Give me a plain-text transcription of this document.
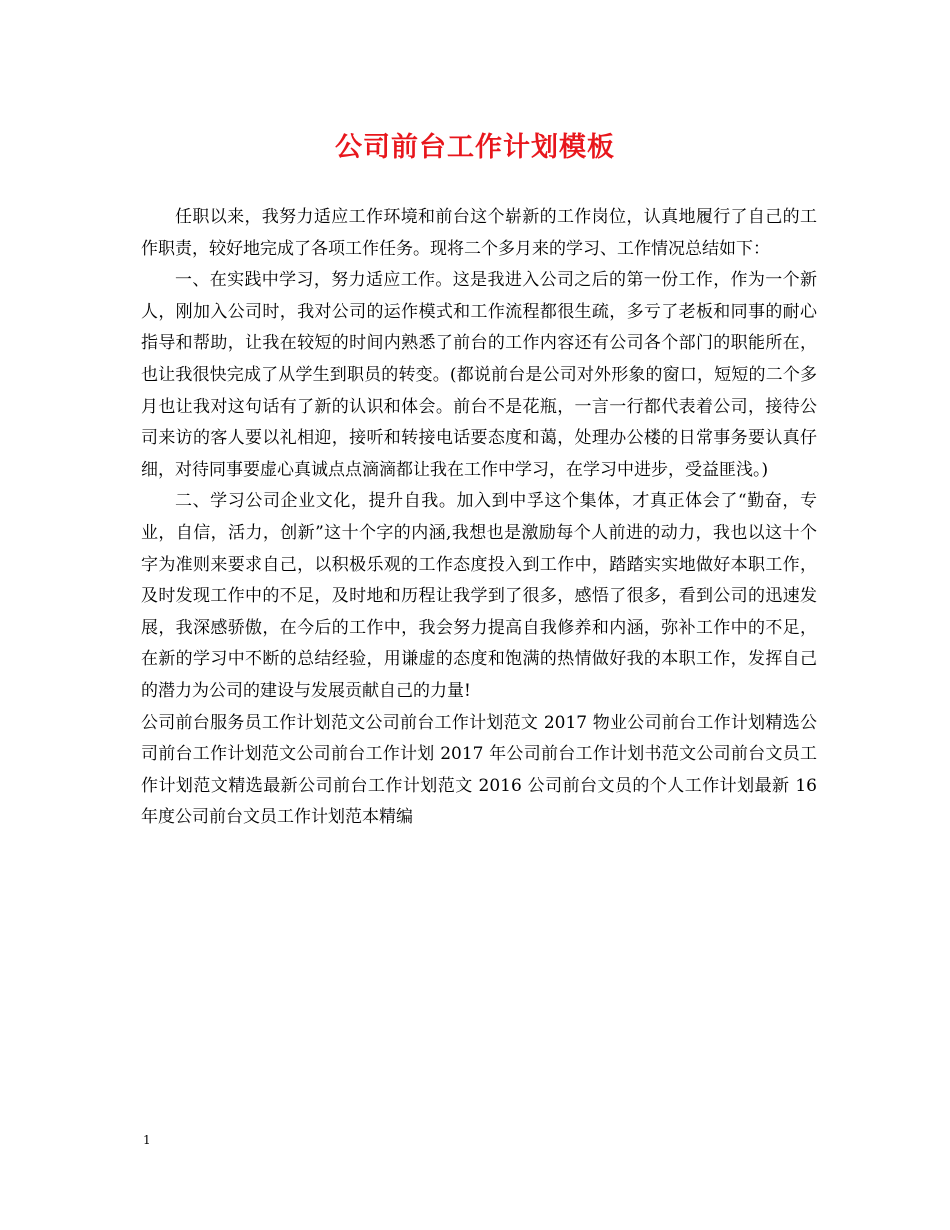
公司前台工作计划模板

任职以来，我努力适应工作环境和前台这个崭新的工作岗位，认真地履行了自己的工作职责，较好地完成了各项工作任务。现将二个多月来的学习、工作情况总结如下：

一、在实践中学习，努力适应工作。这是我进入公司之后的第一份工作，作为一个新人，刚加入公司时，我对公司的运作模式和工作流程都很生疏，多亏了老板和同事的耐心指导和帮助，让我在较短的时间内熟悉了前台的工作内容还有公司各个部门的职能所在，也让我很快完成了从学生到职员的转变。(都说前台是公司对外形象的窗口，短短的二个多月也让我对这句话有了新的认识和体会。前台不是花瓶，一言一行都代表着公司，接待公司来访的客人要以礼相迎，接听和转接电话要态度和蔼，处理办公楼的日常事务要认真仔细，对待同事要虚心真诚点点滴滴都让我在工作中学习，在学习中进步，受益匪浅。)

二、学习公司企业文化，提升自我。加入到中孚这个集体，才真正体会了“勤奋，专业，自信，活力，创新”这十个字的内涵,我想也是激励每个人前进的动力，我也以这十个字为准则来要求自己，以积极乐观的工作态度投入到工作中，踏踏实实地做好本职工作，及时发现工作中的不足，及时地和历程让我学到了很多，感悟了很多，看到公司的迅速发展，我深感骄傲，在今后的工作中，我会努力提高自我修养和内涵，弥补工作中的不足，在新的学习中不断的总结经验，用谦虚的态度和饱满的热情做好我的本职工作，发挥自己的潜力为公司的建设与发展贡献自己的力量!

公司前台服务员工作计划范文公司前台工作计划范文 2017 物业公司前台工作计划精选公司前台工作计划范文公司前台工作计划 2017 年公司前台工作计划书范文公司前台文员工作计划范文精选最新公司前台工作计划范文 2016 公司前台文员的个人工作计划最新 16 年度公司前台文员工作计划范本精编

1
